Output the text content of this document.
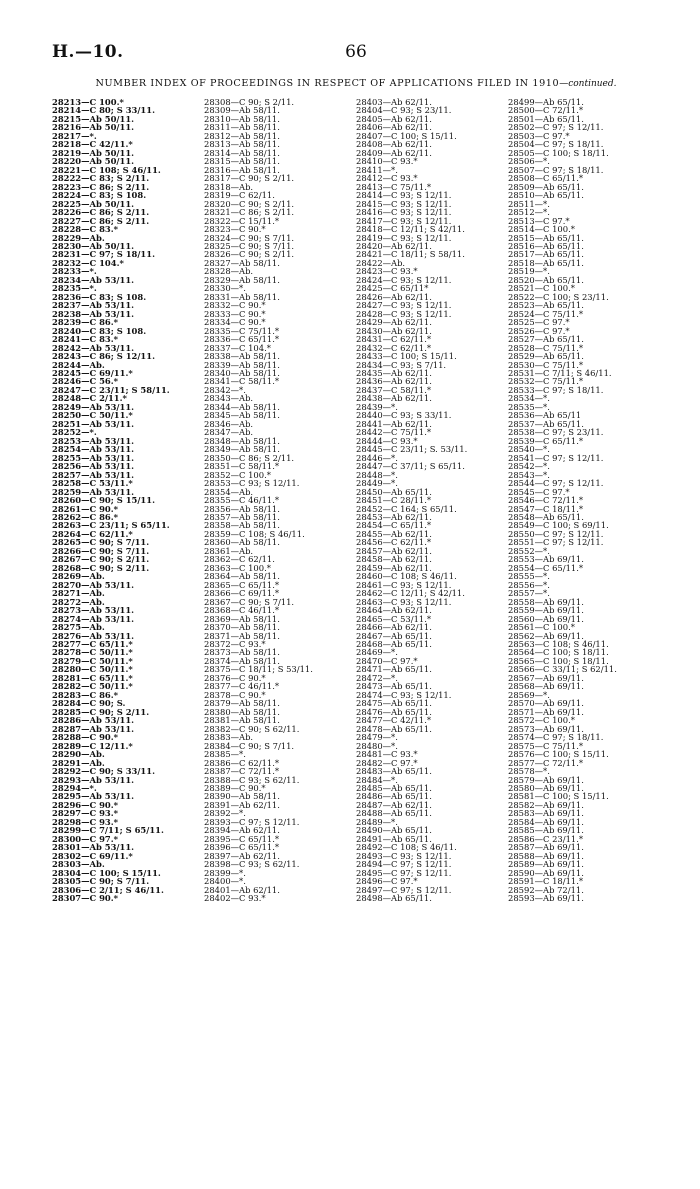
H.—10.	66
NUMBER INDEX OF PROCEEDINGS IN RESPECT OF APPLICATIONS FILED IN 1910—continued.
28213—C 100.*
28214—C 80; S 33/11.
28215—Ab 50/11.
28216—Ab 50/11.
28217—*.
28218—C 42/11.*
28219—Ab 50/11.
28220—Ab 50/11.
28221—C 108; S 46/11.
28222—C 83; S 2/11.
28223—C 86; S 2/11.
28224—C 83; S 108.
28225—Ab 50/11.
28226—C 86; S 2/11.
28227—C 86; S 2/11.
28228—C 83.*
28229—Ab.
28230—Ab 50/11.
28231—C 97; S 18/11.
28232—C 104.*
28233—*.
28234—Ab 53/11.
28235—*.
28236—C 83; S 108.
28237—Ab 53/11.
28238—Ab 53/11.
28239—C 86.*
28240—C 83; S 108.
28241—C 83.*
28242—Ab 53/11.
28243—C 86; S 12/11.
28244—Ab.
28245—C 69/11.*
28246—C 56.*
28247—C 23/11; S 58/11.
28248—C 2/11.*
28249—Ab 53/11.
28250—C 50/11.*
28251—Ab 53/11.
28252—*.
28253—Ab 53/11.
28254—Ab 53/11.
28255—Ab 53/11.
28256—Ab 53/11.
28257—Ab 53/11.
28258—C 53/11.*
28259—Ab 53/11.
28260—C 90; S 15/11.
28261—C 90.*
28262—C 86.*
28263—C 23/11; S 65/11.
28264—C 62/11.*
28265—C 90; S 7/11.
28266—C 90; S 7/11.
28267—C 90; S 2/11.
28268—C 90; S 2/11.
28269—Ab.
28270—Ab 53/11.
28271—Ab.
28272—Ab.
28273—Ab 53/11.
28274—Ab 53/11.
28275—Ab.
28276—Ab 53/11.
28277—C 65/11.*
28278—C 50/11.*
28279—C 50/11.*
28280—C 50/11.*
28281—C 65/11.*
28282—C 50/11.*
28283—C 86.*
28284—C 90; S.
28285—C 90; S 2/11.
28286—Ab 53/11.
28287—Ab 53/11.
28288—C 90.*
28289—C 12/11.*
28290—Ab.
28291—Ab.
28292—C 90; S 33/11.
28293—Ab 53/11.
28294—*.
28295—Ab 53/11.
28296—C 90.*
28297—C 93.*
28298—C 93.*
28299—C 7/11; S 65/11.
28300—C 97.*
28301—Ab 53/11.
28302—C 69/11.*
28303—Ab.
28304—C 100; S 15/11.
28305—C 90; S 7/11.
28306—C 2/11; S 46/11.
28307—C 90.*
28308—C 90; S 2/11.
28309—Ab 58/11.
28310—Ab 58/11.
28311—Ab 58/11.
28312—Ab 58/11.
28313—Ab 58/11.
28314—Ab 58/11.
28315—Ab 58/11.
28316—Ab 58/11.
28317—C 90; S 2/11.
28318—Ab.
28319—C 62/11.
28320—C 90; S 2/11.
28321—C 86; S 2/11.
28322—C 15/11.*
28323—C 90.*
28324—C 90; S 7/11.
28325—C 90; S 7/11.
28326—C 90; S 2/11.
28327—Ab 58/11.
28328—Ab.
28329—Ab 58/11.
28330—*.
28331—Ab 58/11.
28332—C 90.*
28333—C 90.*
28334—C 90.*
28335—C 75/11.*
28336—C 65/11.*
28337—C 104.*
28338—Ab 58/11.
28339—Ab 58/11.
28340—Ab 58/11.
28341—C 58/11.*
28342—*.
28343—Ab.
28344—Ab 58/11.
28345—Ab 58/11.
28346—Ab.
28347—Ab.
28348—Ab 58/11.
28349—Ab 58/11.
28350—C 86; S 2/11.
28351—C 58/11.*
28352—C 100.*
28353—C 93; S 12/11.
28354—Ab.
28355—C 46/11.*
28356—Ab 58/11.
28357—Ab 58/11.
28358—Ab 58/11.
28359—C 108; S 46/11.
28360—Ab 58/11.
28361—Ab.
28362—C 62/11.
28363—C 100.*
28364—Ab 58/11.
28365—C 65/11.*
28366—C 69/11.*
28367—C 90; S 7/11.
28368—C 46/11.*
28369—Ab 58/11.
28370—Ab 58/11.
28371—Ab 58/11.
28372—C 93.*
28373—Ab 58/11.
28374—Ab 58/11.
28375—C 18/11; S 53/11.
28376—C 90.*
28377—C 46/11.*
28378—C 90.*
28379—Ab 58/11.
28380—Ab 58/11.
28381—Ab 58/11.
28382—C 90; S 62/11.
28383—Ab.
28384—C 90; S 7/11.
28385—*.
28386—C 62/11.*
28387—C 72/11.*
28388—C 93; S 62/11.
28389—C 90.*
28390—Ab 58/11.
28391—Ab 62/11.
28392—*.
28393—C 97; S 12/11.
28394—Ab 62/11.
28395—C 65/11.*
28396—C 65/11.*
28397—Ab 62/11.
28398—C 93; S 62/11.
28399—*.
28400—*.
28401—Ab 62/11.
28402—C 93.*
28403—Ab 62/11.
28404—C 93; S 23/11.
28405—Ab 62/11.
28406—Ab 62/11.
28407—C 100; S 15/11.
28408—Ab 62/11.
28409—Ab 62/11.
28410—C 93.*
28411—*.
28412—C 93.*
28413—C 75/11.*
28414—C 93; S 12/11.
28415—C 93; S 12/11.
28416—C 93; S 12/11.
28417—C 93; S 12/11.
28418—C 12/11; S 42/11.
28419—C 93; S 12/11.
28420—Ab 62/11.
28421—C 18/11; S 58/11.
28422—Ab.
28423—C 93.*
28424—C 93; S 12/11.
28425—C 65/11*
28426—Ab 62/11.
28427—C 93; S 12/11.
28428—C 93; S 12/11.
28429—Ab 62/11.
28430—Ab 62/11.
28431—C 62/11.*
28432—C 62/11.*
28433—C 100; S 15/11.
28434—C 93; S 7/11.
28435—Ab 62/11.
28436—Ab 62/11.
28437—C 58/11.*
28438—Ab 62/11.
28439—*.
28440—C 93; S 33/11.
28441—Ab 62/11.
28442—C 75/11.*
28444—C 93.*
28445—C 23/11; S. 53/11.
28446—*.
28447—C 37/11; S 65/11.
28448—*.
28449—*.
28450—Ab 65/11.
28451—C 28/11.*
28452—C 164; S 65/11.
28453—Ab 62/11.
28454—C 65/11.*
28455—Ab 62/11.
28456—C 62/11.*
28457—Ab 62/11.
28458—Ab 62/11.
28459—Ab 62/11.
28460—C 108; S 46/11.
28461—C 93; S 12/11.
28462—C 12/11; S 42/11.
28463—C 93; S 12/11.
28464—Ab 62/11.
28465—C 53/11.*
28466—Ab 62/11.
28467—Ab 65/11.
28468—Ab 65/11.
28469—*.
28470—C 97.*
28471—Ab 65/11.
28472—*.
28473—Ab 65/11.
28474—C 93; S 12/11.
28475—Ab 65/11.
28476—Ab 65/11.
28477—C 42/11.*
28478—Ab 65/11.
28479—*.
28480—*.
28481—C 93.*
28482—C 97.*
28483—Ab 65/11.
28484—*.
28485—Ab 65/11.
28486—Ab 65/11.
28487—Ab 62/11.
28488—Ab 65/11.
28489—*.
28490—Ab 65/11.
28491—Ab 65/11.
28492—C 108; S 46/11.
28493—C 93; S 12/11.
28494—C 97; S 12/11.
28495—C 97; S 12/11.
28496—C 97.*
28497—C 97; S 12/11.
28498—Ab 65/11.
28499—Ab 65/11.
28500—C 72/11.*
28501—Ab 65/11.
28502—C 97; S 12/11.
28503—C 97.*
28504—C 97; S 18/11.
28505—C 100; S 18/11.
28506—*.
28507—C 97; S 18/11.
28508—C 65/11.*
28509—Ab 65/11.
28510—Ab 65/11.
28511—*.
28512—*.
28513—C 97.*
28514—C 100.*
28515—Ab 65/11.
28516—Ab 65/11.
28517—Ab 65/11.
28518—Ab 65/11.
28519—*.
28520—Ab 65/11.
28521—C 100.*
28522—C 100; S 23/11.
28523—Ab 65/11.
28524—C 75/11.*
28525—C 97.*
28526—C 97.*
28527—Ab 65/11.
28528—C 75/11.*
28529—Ab 65/11.
28530—C 75/11.*
28531—C 7/11; S 46/11.
28532—C 75/11.*
28533—C 97; S 18/11.
28534—*.
28535—*.
28536—Ab 65/11
28537—Ab 65/11.
28538—C 97; S 23/11.
28539—C 65/11.*
28540—*.
28541—C 97; S 12/11.
28542—*.
28543—*.
28544—C 97; S 12/11.
28545—C 97.*
28546—C 72/11.*
28547—C 18/11.*
28548—Ab 65/11.
28549—C 100; S 69/11.
28550—C 97; S 12/11.
28551—C 97; S 12/11.
28552—*.
28553—Ab 69/11.
28554—C 65/11.*
28555—*.
28556—*.
28557—*.
28558—Ab 69/11.
28559—Ab 69/11.
28560—Ab 69/11.
28561—C 100.*
28562—Ab 69/11.
28563—C 108; S 46/11.
28564—C 100; S 18/11.
28565—C 100; S 18/11.
28566—C 33/11; S 62/11.
28567—Ab 69/11.
28568—Ab 69/11.
28569—*.
28570—Ab 69/11.
28571—Ab 69/11.
28572—C 100.*
28573—Ab 69/11.
28574—C 97; S 18/11.
28575—C 75/11.*
28576—C 100; S 15/11.
28577—C 72/11.*
28578—*.
28579—Ab 69/11.
28580—Ab 69/11.
28581—C 100; S 15/11.
28582—Ab 69/11.
28583—Ab 69/11.
28584—Ab 69/11.
28585—Ab 69/11.
28586—C 23/11.*
28587—Ab 69/11.
28588—Ab 69/11.
28589—Ab 69/11.
28590—Ab 69/11.
28591—C 18/11.*
28592—Ab 72/11.
28593—Ab 69/11.
